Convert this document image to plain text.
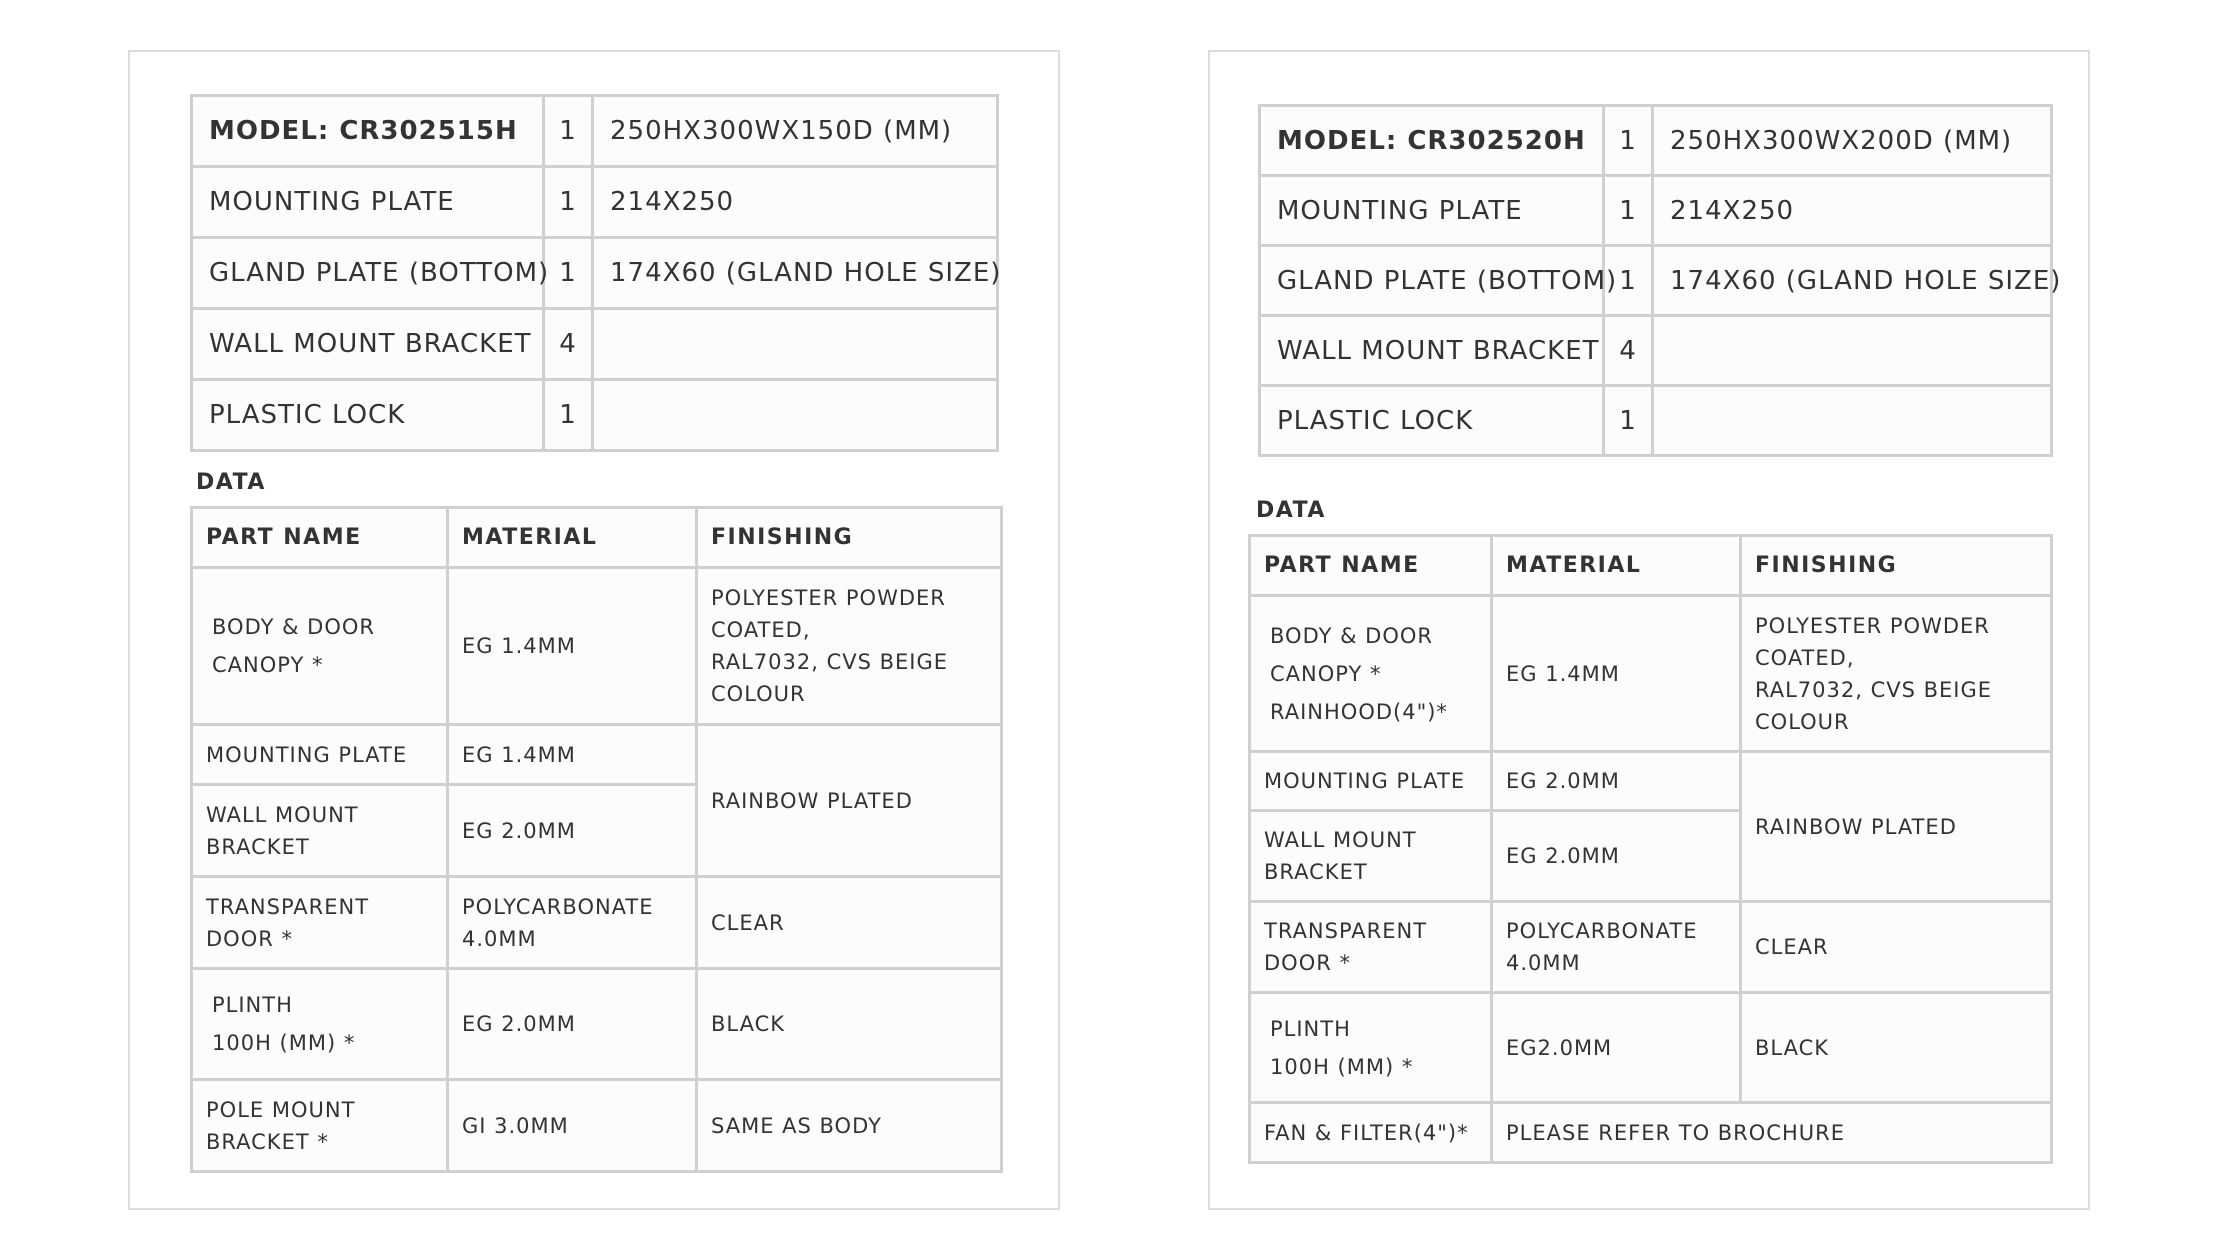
MODEL: CR302515H	1	250HX300WX150D (MM)
MOUNTING PLATE	1	214X250
GLAND PLATE (BOTTOM)	1	174X60 (GLAND HOLE SIZE)
WALL MOUNT BRACKET	4	
PLASTIC LOCK	1	
DATA
PART NAME	MATERIAL	FINISHING

BODY & DOOR
CANOPY *	EG 1.4MM	POLYESTER POWDER
COATED,
RAL7032, CVS BEIGE
COLOUR

MOUNTING PLATE	EG 1.4MM	RAINBOW PLATED

WALL MOUNT
BRACKET	EG 2.0MM	

TRANSPARENT
DOOR *	POLYCARBONATE
4.0MM	CLEAR

PLINTH
100H (MM) *	EG 2.0MM	BLACK

POLE MOUNT
BRACKET *	GI 3.0MM	SAME AS BODY
MODEL: CR302520H	1	250HX300WX200D (MM)
MOUNTING PLATE	1	214X250
GLAND PLATE (BOTTOM)	1	174X60 (GLAND HOLE SIZE)
WALL MOUNT BRACKET	4	
PLASTIC LOCK	1	
DATA
PART NAME	MATERIAL	FINISHING

BODY & DOOR
CANOPY *
RAINHOOD(4")*	EG 1.4MM	POLYESTER POWDER
COATED,
RAL7032, CVS BEIGE
COLOUR

MOUNTING PLATE	EG 2.0MM	RAINBOW PLATED

WALL MOUNT
BRACKET	EG 2.0MM	

TRANSPARENT
DOOR *	POLYCARBONATE
4.0MM	CLEAR

PLINTH
100H (MM) *	EG2.0MM	BLACK
FAN & FILTER(4")*	PLEASE REFER TO BROCHURE	
